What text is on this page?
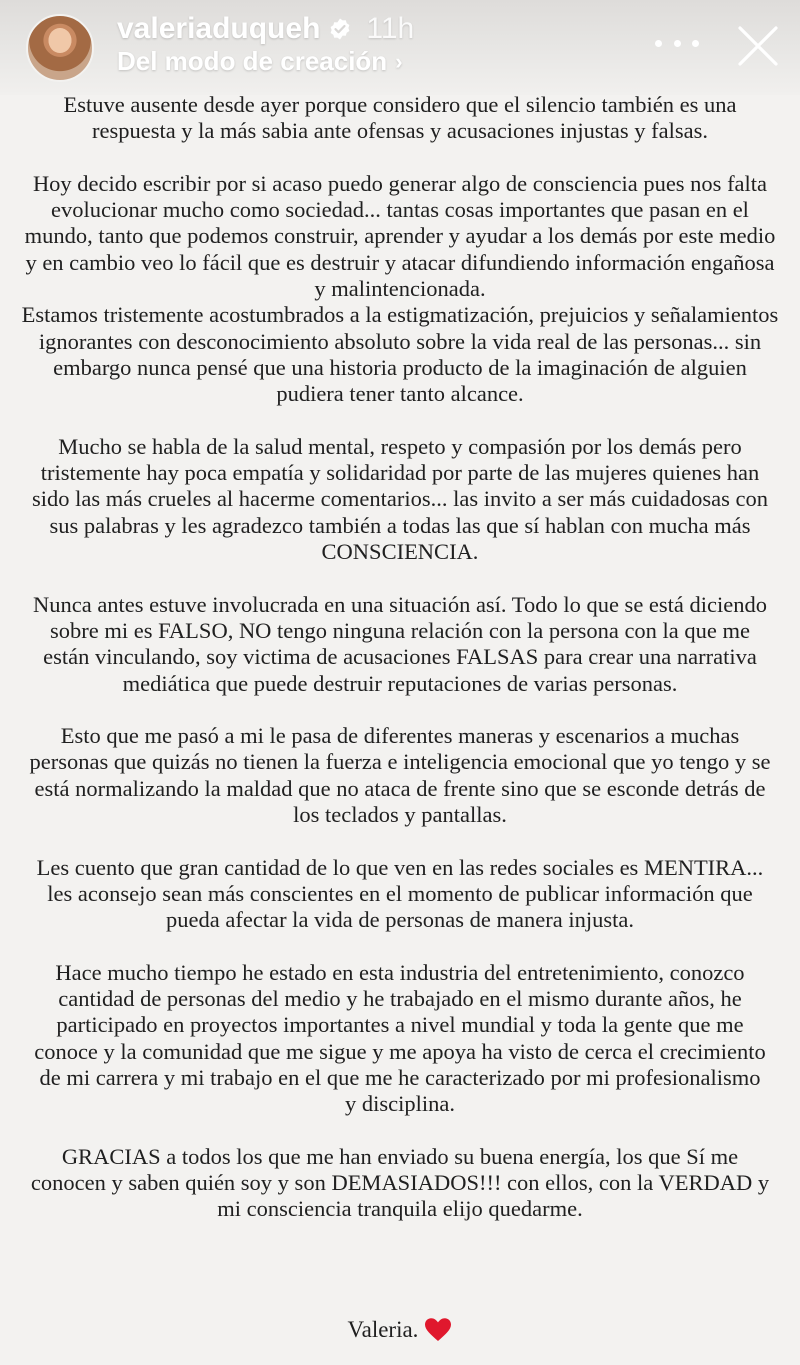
valeriaduqueh 11h
Del modo de creación ›

Estuve ausente desde ayer porque considero que el silencio también es una respuesta y la más sabia ante ofensas y acusaciones injustas y falsas.

Hoy decido escribir por si acaso puedo generar algo de consciencia pues nos falta evolucionar mucho como sociedad... tantas cosas importantes que pasan en el mundo, tanto que podemos construir, aprender y ayudar a los demás por este medio y en cambio veo lo fácil que es destruir y atacar difundiendo información engañosa y malintencionada.

Estamos tristemente acostumbrados a la estigmatización, prejuicios y señalamientos ignorantes con desconocimiento absoluto sobre la vida real de las personas... sin embargo nunca pensé que una historia producto de la imaginación de alguien pudiera tener tanto alcance.

Mucho se habla de la salud mental, respeto y compasión por los demás pero tristemente hay poca empatía y solidaridad por parte de las mujeres quienes han sido las más crueles al hacerme comentarios... las invito a ser más cuidadosas con sus palabras y les agradezco también a todas las que sí hablan con mucha más CONSCIENCIA.

Nunca antes estuve involucrada en una situación así. Todo lo que se está diciendo sobre mi es FALSO, NO tengo ninguna relación con la persona con la que me están vinculando, soy victima de acusaciones FALSAS para crear una narrativa mediática que puede destruir reputaciones de varias personas.

Esto que me pasó a mi le pasa de diferentes maneras y escenarios a muchas personas que quizás no tienen la fuerza e inteligencia emocional que yo tengo y se está normalizando la maldad que no ataca de frente sino que se esconde detrás de los teclados y pantallas.

Les cuento que gran cantidad de lo que ven en las redes sociales es MENTIRA... les aconsejo sean más conscientes en el momento de publicar información que pueda afectar la vida de personas de manera injusta.

Hace mucho tiempo he estado en esta industria del entretenimiento, conozco cantidad de personas del medio y he trabajado en el mismo durante años, he participado en proyectos importantes a nivel mundial y toda la gente que me conoce y la comunidad que me sigue y me apoya ha visto de cerca el crecimiento de mi carrera y mi trabajo en el que me he caracterizado por mi profesionalismo y disciplina.

GRACIAS a todos los que me han enviado su buena energía, los que Sí me conocen y saben quién soy y son DEMASIADOS!!! con ellos, con la VERDAD y mi consciencia tranquila elijo quedarme.

Valeria.
